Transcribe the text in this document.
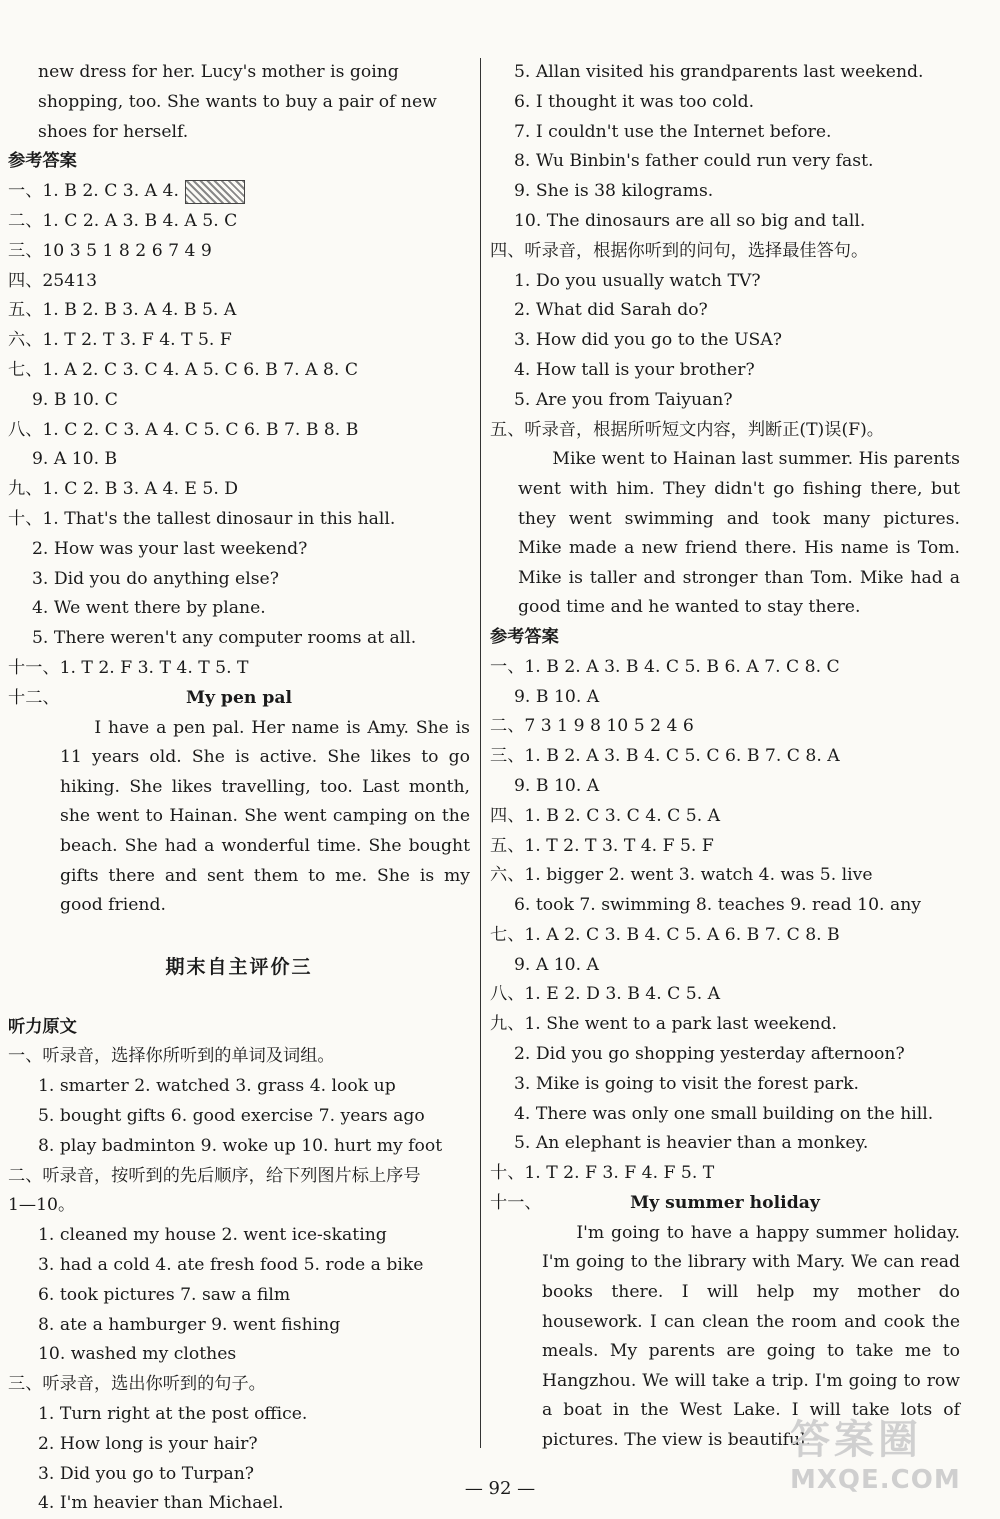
new dress for her. Lucy's mother is going
shopping, too. She wants to buy a pair of new
shoes for herself.
参考答案
一、1. B 2. C 3. A 4.
二、1. C 2. A 3. B 4. A 5. C
三、10 3 5 1 8 2 6 7 4 9
四、25413
五、1. B 2. B 3. A 4. B 5. A
六、1. T 2. T 3. F 4. T 5. F
七、1. A 2. C 3. C 4. A 5. C 6. B 7. A 8. C
9. B 10. C
八、1. C 2. C 3. A 4. C 5. C 6. B 7. B 8. B
9. A 10. B
九、1. C 2. B 3. A 4. E 5. D
十、1. That's the tallest dinosaur in this hall.
2. How was your last weekend?
3. Did you do anything else?
4. We went there by plane.
5. There weren't any computer rooms at all.
十一、1. T 2. F 3. T 4. T 5. T
十二、	My pen pal

I have a pen pal. Her name is Amy. She is 11 years old. She is active. She likes to go hiking. She likes travelling, too. Last month, she went to Hainan. She went camping on the beach. She had a wonderful time. She bought gifts there and sent them to me. She is my good friend.

期末自主评价三
听力原文
一、听录音，选择你所听到的单词及词组。
1. smarter 2. watched 3. grass 4. look up
5. bought gifts 6. good exercise 7. years ago
8. play badminton 9. woke up 10. hurt my foot
二、听录音，按听到的先后顺序，给下列图片标上序号
1—10。
1. cleaned my house 2. went ice-skating
3. had a cold 4. ate fresh food 5. rode a bike
6. took pictures 7. saw a film
8. ate a hamburger 9. went fishing
10. washed my clothes
三、听录音，选出你听到的句子。
1. Turn right at the post office.
2. How long is your hair?
3. Did you go to Turpan?
4. I'm heavier than Michael.
5. Allan visited his grandparents last weekend.
6. I thought it was too cold.
7. I couldn't use the Internet before.
8. Wu Binbin's father could run very fast.
9. She is 38 kilograms.
10. The dinosaurs are all so big and tall.
四、听录音，根据你听到的问句，选择最佳答句。
1. Do you usually watch TV?
2. What did Sarah do?
3. How did you go to the USA?
4. How tall is your brother?
5. Are you from Taiyuan?
五、听录音，根据所听短文内容，判断正(T)误(F)。

Mike went to Hainan last summer. His parents went with him. They didn't go fishing there, but they went swimming and took many pictures. Mike made a new friend there. His name is Tom. Mike is taller and stronger than Tom. Mike had a good time and he wanted to stay there.

参考答案
一、1. B 2. A 3. B 4. C 5. B 6. A 7. C 8. C
9. B 10. A
二、7 3 1 9 8 10 5 2 4 6
三、1. B 2. A 3. B 4. C 5. C 6. B 7. C 8. A
9. B 10. A
四、1. B 2. C 3. C 4. C 5. A
五、1. T 2. T 3. T 4. F 5. F
六、1. bigger 2. went 3. watch 4. was 5. live
6. took 7. swimming 8. teaches 9. read 10. any
七、1. A 2. C 3. B 4. C 5. A 6. B 7. C 8. B
9. A 10. A
八、1. E 2. D 3. B 4. C 5. A
九、1. She went to a park last weekend.
2. Did you go shopping yesterday afternoon?
3. Mike is going to visit the forest park.
4. There was only one small building on the hill.
5. An elephant is heavier than a monkey.
十、1. T 2. F 3. F 4. F 5. T
十一、	My summer holiday

I'm going to have a happy summer holiday. I'm going to the library with Mary. We can read books there. I will help my mother do housework. I can clean the room and cook the meals. My parents are going to take me to Hangzhou. We will take a trip. I'm going to row a boat in the West Lake. I will take lots of pictures. The view is beautiful.

— 92 —
答案圈
MXQE.COM
